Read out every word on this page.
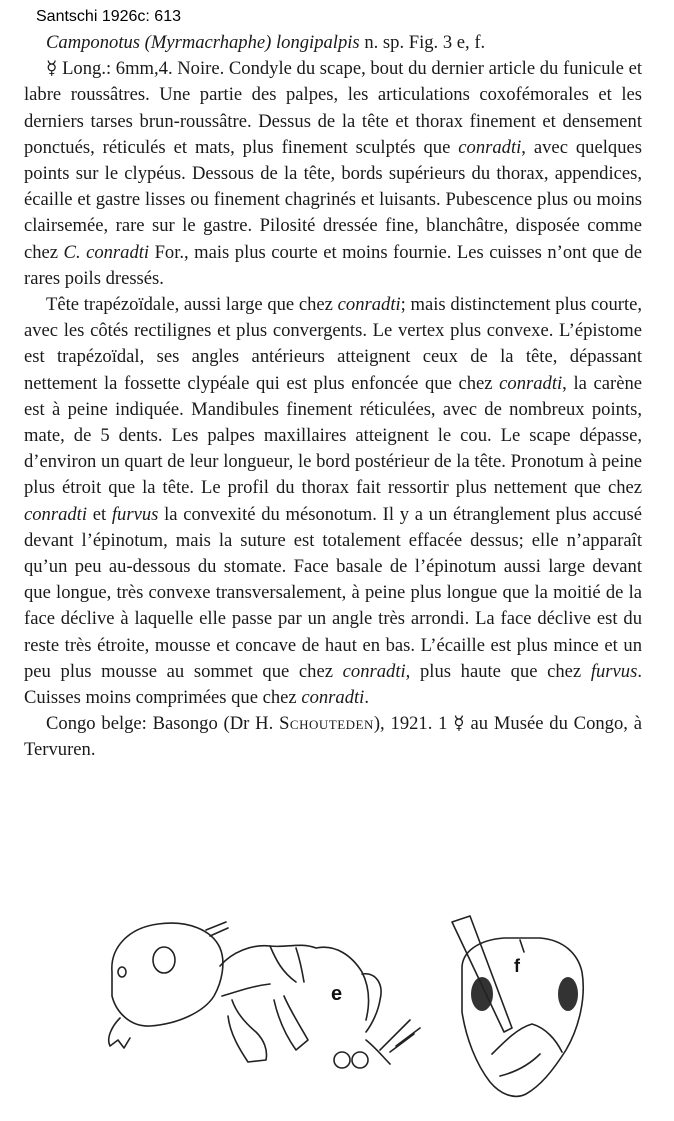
Santschi 1926c: 613

Camponotus (Myrmacrhaphe) longipalpis n. sp. Fig. 3 e, f.

☿ Long.: 6mm,4. Noire. Condyle du scape, bout du dernier article du funicule et labre roussâtres. Une partie des palpes, les articulations coxofémorales et les derniers tarses brun-roussâtre. Dessus de la tête et thorax finement et densement ponctués, réticulés et mats, plus finement sculptés que conradti, avec quelques points sur le clypéus. Dessous de la tête, bords supérieurs du thorax, appendices, écaille et gastre lisses ou finement chagrinés et luisants. Pubescence plus ou moins clairsemée, rare sur le gastre. Pilosité dressée fine, blanchâtre, disposée comme chez C. conradti For., mais plus courte et moins fournie. Les cuisses n’ont que de rares poils dressés.

Tête trapézoïdale, aussi large que chez conradti; mais distinctement plus courte, avec les côtés rectilignes et plus convergents. Le vertex plus convexe. L’épistome est trapézoïdal, ses angles antérieurs atteignent ceux de la tête, dépassant nettement la fossette clypéale qui est plus enfoncée que chez conradti, la carène est à peine indiquée. Mandibules finement réticulées, avec de nombreux points, mate, de 5 dents. Les palpes maxillaires atteignent le cou. Le scape dépasse, d’environ un quart de leur longueur, le bord postérieur de la tête. Pronotum à peine plus étroit que la tête. Le profil du thorax fait ressortir plus nettement que chez conradti et furvus la convexité du mésonotum. Il y a un étranglement plus accusé devant l’épinotum, mais la suture est totalement effacée dessus; elle n’apparaît qu’un peu au-dessous du stomate. Face basale de l’épinotum aussi large devant que longue, très convexe transversalement, à peine plus longue que la moitié de la face déclive à laquelle elle passe par un angle très arrondi. La face déclive est du reste très étroite, mousse et concave de haut en bas. L’écaille est plus mince et un peu plus mousse au sommet que chez conradti, plus haute que chez furvus. Cuisses moins comprimées que chez conradti.

Congo belge: Basongo (Dr H. Schouteden), 1921. 1 ☿ au Musée du Congo, à Tervuren.

e
f
